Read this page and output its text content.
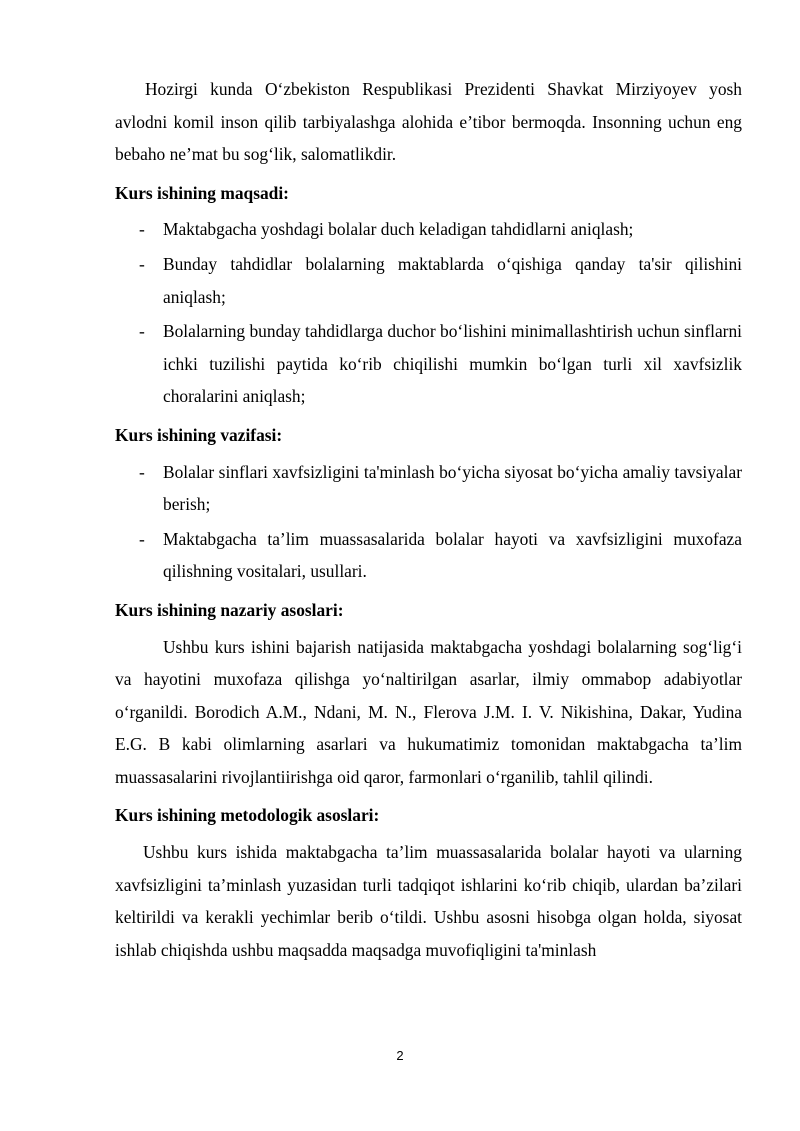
Hozirgi kunda O‘zbekiston Respublikasi Prezidenti Shavkat Mirziyoyev yosh avlodni komil inson qilib tarbiyalashga alohida e’tibor bermoqda. Insonning uchun eng bebaho ne’mat bu sog‘lik, salomatlikdir.

Kurs ishining maqsadi:
- Maktabgacha yoshdagi bolalar duch keladigan tahdidlarni aniqlash;
- Bunday tahdidlar bolalarning maktablarda o‘qishiga qanday ta'sir qilishini aniqlash;
- Bolalarning bunday tahdidlarga duchor bo‘lishini minimallashtirish uchun sinflarni ichki tuzilishi paytida ko‘rib chiqilishi mumkin bo‘lgan turli xil xavfsizlik choralarini aniqlash;
Kurs ishining vazifasi:
- Bolalar sinflari xavfsizligini ta'minlash bo‘yicha siyosat bo‘yicha amaliy tavsiyalar berish;
- Maktabgacha ta’lim muassasalarida bolalar hayoti va xavfsizligini muxofaza qilishning vositalari, usullari.
Kurs ishining nazariy asoslari:

Ushbu kurs ishini bajarish natijasida maktabgacha yoshdagi bolalarning sog‘lig‘i va hayotini muxofaza qilishga yo‘naltirilgan asarlar, ilmiy ommabop adabiyotlar o‘rganildi. Borodich A.M., Ndani, M. N., Flerova J.M. I. V. Nikishina, Dakar, Yudina E.G. B kabi olimlarning asarlari va hukumatimiz tomonidan maktabgacha ta’lim muassasalarini rivojlantiirishga oid qaror, farmonlari o‘rganilib, tahlil qilindi.

Kurs ishining metodologik asoslari:

Ushbu kurs ishida maktabgacha ta’lim muassasalarida bolalar hayoti va ularning xavfsizligini ta’minlash yuzasidan turli tadqiqot ishlarini ko‘rib chiqib, ulardan ba’zilari keltirildi va kerakli yechimlar berib o‘tildi. Ushbu asosni hisobga olgan holda, siyosat ishlab chiqishda ushbu maqsadda maqsadga muvofiqligini ta'minlash

2
